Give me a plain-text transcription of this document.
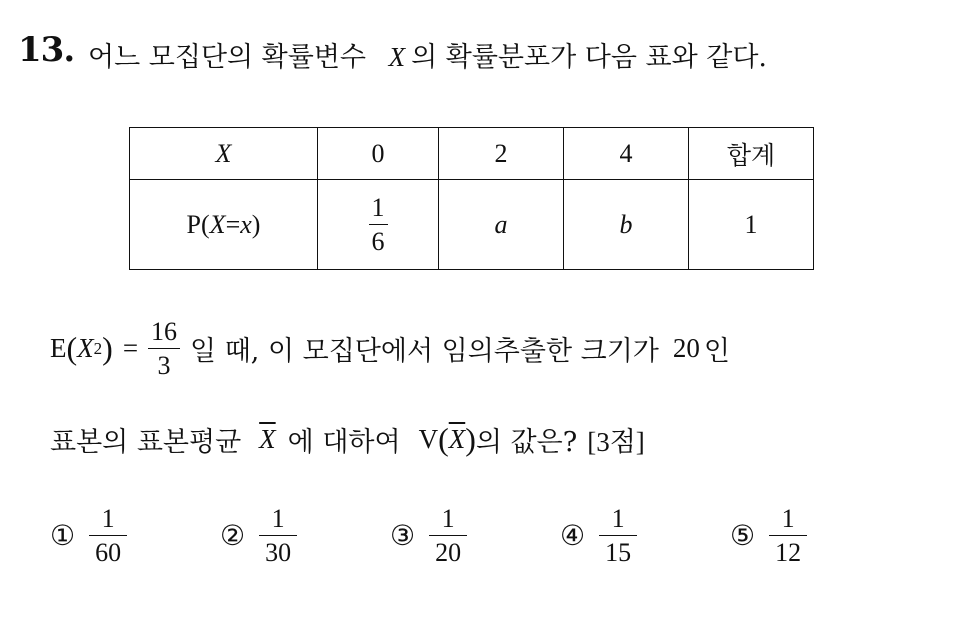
13. 어느 모집단의 확률변수 X 의 확률분포가 다음 표와 같다.
X	0	2	4	합계
P(X=x)	$\frac{1}{6}$	a	b	1
E ( X 2 ) = $\frac{16}{3}$ 일 때, 이 모집단에서 임의추출한 크기가 20 인
표본의 표본평균 $\overline{X}$ 에 대하여 V ( $\overline{X}$ ) 의 값은? [3점]
① $\frac{1}{60}$	② $\frac{1}{30}$	③ $\frac{1}{20}$	④ $\frac{1}{15}$	⑤ $\frac{1}{12}$
